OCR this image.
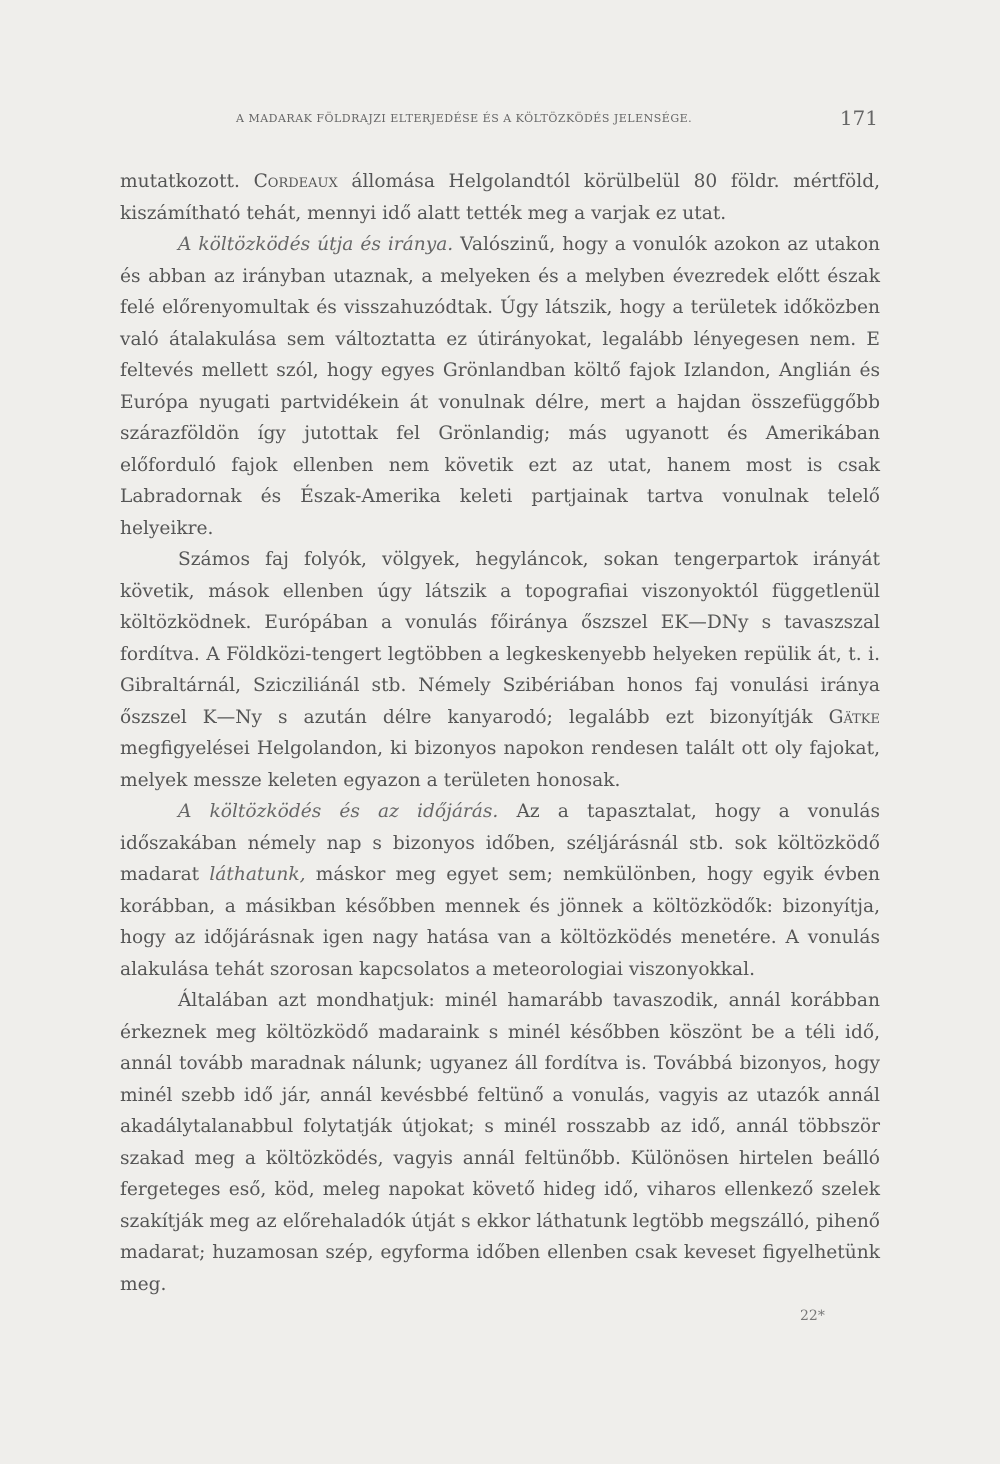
A MADARAK FÖLDRAJZI ELTERJEDÉSE ÉS A KÖLTÖZKÖDÉS JELENSÉGE.	171

mutatkozott. Cordeaux állomása Helgolandtól körülbelül 80 földr. mértföld, kiszámítható tehát, mennyi idő alatt tették meg a varjak ez utat.

A költözködés útja és iránya. Valószinű, hogy a vonulók azokon az utakon és abban az irányban utaznak, a melyeken és a melyben évezredek előtt észak felé előrenyomultak és visszahuzódtak. Úgy látszik, hogy a területek időközben való átalakulása sem változtatta ez útirányokat, legalább lényegesen nem. E feltevés mellett szól, hogy egyes Grönlandban költő fajok Izlandon, Anglián és Európa nyugati partvidékein át vonulnak délre, mert a hajdan összefüggőbb szárazföldön így jutottak fel Grönlandig; más ugyanott és Amerikában előforduló fajok ellenben nem követik ezt az utat, hanem most is csak Labradornak és Észak-Amerika keleti partjainak tartva vonulnak telelő helyeikre.

Számos faj folyók, völgyek, hegyláncok, sokan tengerpartok irányát követik, mások ellenben úgy látszik a topografiai viszonyoktól függetlenül költözködnek. Európában a vonulás főiránya őszszel EK—DNy s tavaszszal fordítva. A Földközi-tengert legtöbben a legkeskenyebb helyeken repülik át, t. i. Gibraltárnál, Szicziliánál stb. Némely Szibériában honos faj vonulási iránya őszszel K—Ny s azután délre kanyarodó; legalább ezt bizonyítják Gätke megfigyelései Helgolandon, ki bizonyos napokon rendesen talált ott oly fajokat, melyek messze keleten egyazon a területen honosak.

A költözködés és az időjárás. Az a tapasztalat, hogy a vonulás időszakában némely nap s bizonyos időben, széljárásnál stb. sok költözködő madarat láthatunk, máskor meg egyet sem; nemkülönben, hogy egyik évben korábban, a másikban későbben mennek és jönnek a költözködők: bizonyítja, hogy az időjárásnak igen nagy hatása van a költözködés menetére. A vonulás alakulása tehát szorosan kapcsolatos a meteorologiai viszonyokkal.

Általában azt mondhatjuk: minél hamarább tavaszodik, annál korábban érkeznek meg költözködő madaraink s minél későbben köszönt be a téli idő, annál tovább maradnak nálunk; ugyanez áll fordítva is. Továbbá bizonyos, hogy minél szebb idő jár, annál kevésbbé feltünő a vonulás, vagyis az utazók annál akadálytalanabbul folytatják útjokat; s minél rosszabb az idő, annál többször szakad meg a költözködés, vagyis annál feltünőbb. Különösen hirtelen beálló fergeteges eső, köd, meleg napokat követő hideg idő, viharos ellenkező szelek szakítják meg az előrehaladók útját s ekkor láthatunk legtöbb megszálló, pihenő madarat; huzamosan szép, egyforma időben ellenben csak keveset figyelhetünk meg.

22*
